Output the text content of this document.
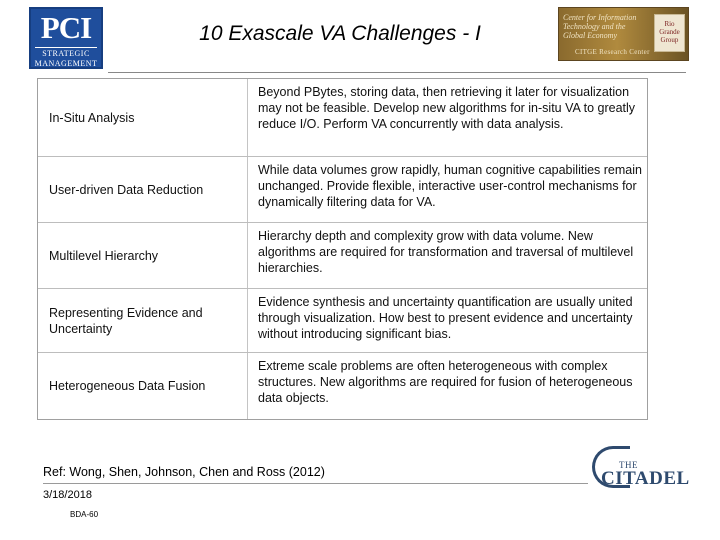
PCI
STRATEGIC
MANAGEMENT
10 Exascale VA Challenges - I
Center for Information Technology and the Global Economy
CITGE Research Center
Rio Grande Group
In-Situ Analysis
Beyond PBytes, storing data, then retrieving it later for visualization may not be feasible. Develop new algorithms for in-situ VA to greatly reduce I/O. Perform VA concurrently with data analysis.
User-driven Data Reduction
While data volumes grow rapidly, human cognitive capabilities remain unchanged. Provide flexible, interactive user-control mechanisms for dynamically filtering data for VA.
Multilevel Hierarchy
Hierarchy depth and complexity grow with data volume. New algorithms are required for transformation and traversal of multilevel hierarchies.
Representing Evidence and Uncertainty
Evidence synthesis and uncertainty quantification are usually united through visualization. How best to present evidence and uncertainty without introducing significant bias.
Heterogeneous Data Fusion
Extreme scale problems are often heterogeneous with complex structures. New algorithms are required for fusion of heterogeneous data objects.
Ref: Wong, Shen, Johnson, Chen and Ross (2012)
3/18/2018
BDA-60
THE
CITADEL
